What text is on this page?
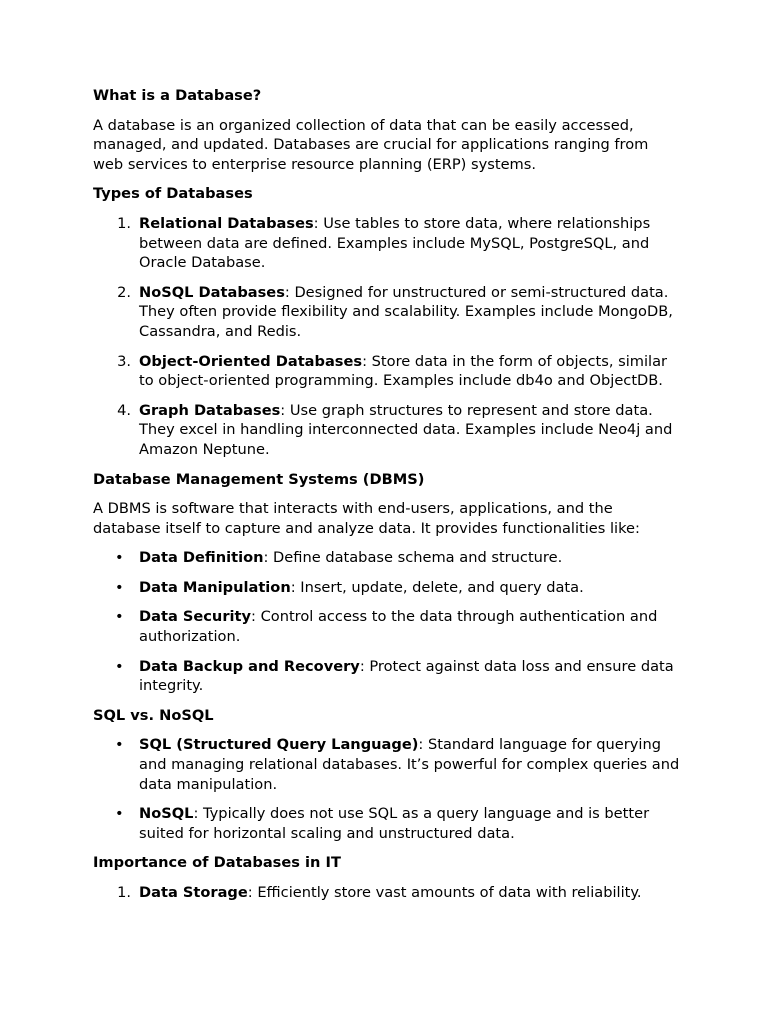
What is a Database?

A database is an organized collection of data that can be easily accessed, managed, and updated. Databases are crucial for applications ranging from web services to enterprise resource planning (ERP) systems.

Types of Databases
1. Relational Databases: Use tables to store data, where relationships between data are defined. Examples include MySQL, PostgreSQL, and Oracle Database.
2. NoSQL Databases: Designed for unstructured or semi-structured data. They often provide flexibility and scalability. Examples include MongoDB, Cassandra, and Redis.
3. Object-Oriented Databases: Store data in the form of objects, similar to object-oriented programming. Examples include db4o and ObjectDB.
4. Graph Databases: Use graph structures to represent and store data. They excel in handling interconnected data. Examples include Neo4j and Amazon Neptune.
Database Management Systems (DBMS)

A DBMS is software that interacts with end-users, applications, and the database itself to capture and analyze data. It provides functionalities like:

• Data Definition: Define database schema and structure.
• Data Manipulation: Insert, update, delete, and query data.
• Data Security: Control access to the data through authentication and authorization.
• Data Backup and Recovery: Protect against data loss and ensure data integrity.
SQL vs. NoSQL
• SQL (Structured Query Language): Standard language for querying and managing relational databases. It’s powerful for complex queries and data manipulation.
• NoSQL: Typically does not use SQL as a query language and is better suited for horizontal scaling and unstructured data.
Importance of Databases in IT
1. Data Storage: Efficiently store vast amounts of data with reliability.
